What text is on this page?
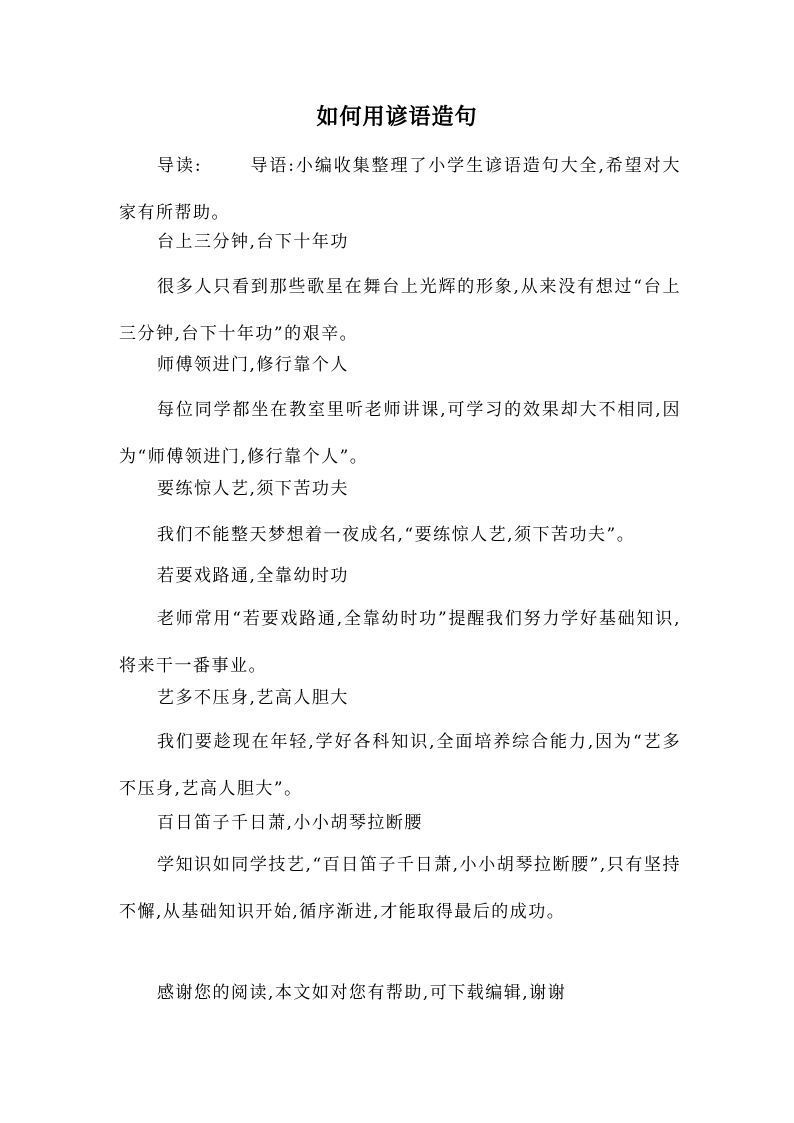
如何用谚语造句

导读:	导语:小编收集整理了小学生谚语造句大全,希望对大家有所帮助。

台上三分钟,台下十年功

很多人只看到那些歌星在舞台上光辉的形象,从来没有想过“台上三分钟,台下十年功”的艰辛。

师傅领进门,修行靠个人

每位同学都坐在教室里听老师讲课,可学习的效果却大不相同,因为“师傅领进门,修行靠个人”。

要练惊人艺,须下苦功夫

我们不能整天梦想着一夜成名,“要练惊人艺,须下苦功夫”。

若要戏路通,全靠幼时功

老师常用“若要戏路通,全靠幼时功”提醒我们努力学好基础知识,将来干一番事业。

艺多不压身,艺高人胆大

我们要趁现在年轻,学好各科知识,全面培养综合能力,因为“艺多不压身,艺高人胆大”。

百日笛子千日萧,小小胡琴拉断腰

学知识如同学技艺,“百日笛子千日萧,小小胡琴拉断腰”,只有坚持不懈,从基础知识开始,循序渐进,才能取得最后的成功。

感谢您的阅读,本文如对您有帮助,可下载编辑,谢谢
